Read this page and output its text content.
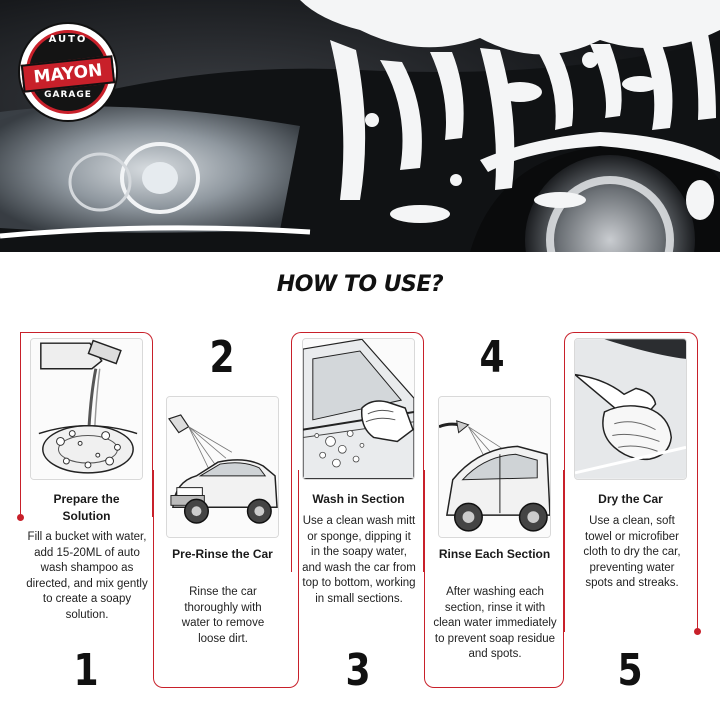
AUTO
MAYON
GARAGE
HOW TO USE?
Prepare the Solution
Fill a bucket with water, add 15-20ML of auto wash shampoo as directed, and mix gently to create a soapy solution.
1
2
Pre-Rinse the Car
Rinse the car thoroughly with water to remove loose dirt.
Wash in Section
Use a clean wash mitt or sponge, dipping it in the soapy water, and wash the car from top to bottom, working in small sections.
3
4
Rinse Each Section
After washing each section, rinse it with clean water immediately to prevent soap residue and spots.
Dry the Car
Use a clean, soft towel or microfiber cloth to dry the car, preventing water spots and streaks.
5
